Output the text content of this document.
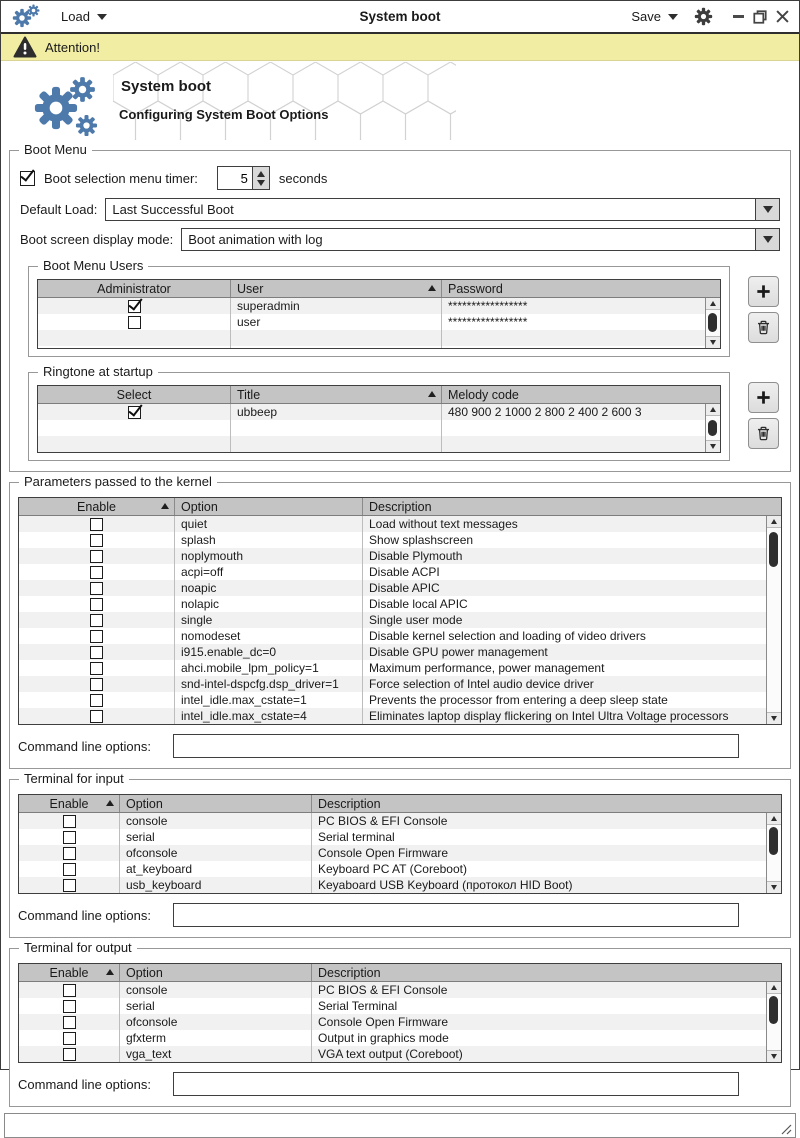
Load	System boot	Save
Attention!
System boot
Configuring System Boot Options
Boot Menu
Boot selection menu timer:
5	seconds
Default Load:	Last Successful Boot
Boot screen display mode:	Boot animation with log
Boot Menu Users
Administrator	User	Password
superadmin	*****************
user	*****************
Ringtone at startup
Select	Title	Melody code
ubbeep	480 900 2 1000 2 800 2 400 2 600 3
Parameters passed to the kernel
Enable	Option	Description
quiet	Load without text messages
splash	Show splashscreen
noplymouth	Disable Plymouth
acpi=off	Disable ACPI
noapic	Disable APIC
nolapic	Disable local APIC
single	Single user mode
nomodeset	Disable kernel selection and loading of video drivers
i915.enable_dc=0	Disable GPU power management
ahci.mobile_lpm_policy=1	Maximum performance, power management
snd-intel-dspcfg.dsp_driver=1	Force selection of Intel audio device driver
intel_idle.max_cstate=1	Prevents the processor from entering a deep sleep state
intel_idle.max_cstate=4	Eliminates laptop display flickering on Intel Ultra Voltage processors
Command line options:
Terminal for input
Enable	Option	Description
console	PC BIOS & EFI Console
serial	Serial terminal
ofconsole	Console Open Firmware
at_keyboard	Keyboard PC AT (Coreboot)
usb_keyboard	Keyaboard USB Keyboard (протокол HID Boot)
Command line options:
Terminal for output
Enable	Option	Description
console	PC BIOS & EFI Console
serial	Serial Terminal
ofconsole	Console Open Firmware
gfxterm	Output in graphics mode
vga_text	VGA text output (Coreboot)
Command line options:
